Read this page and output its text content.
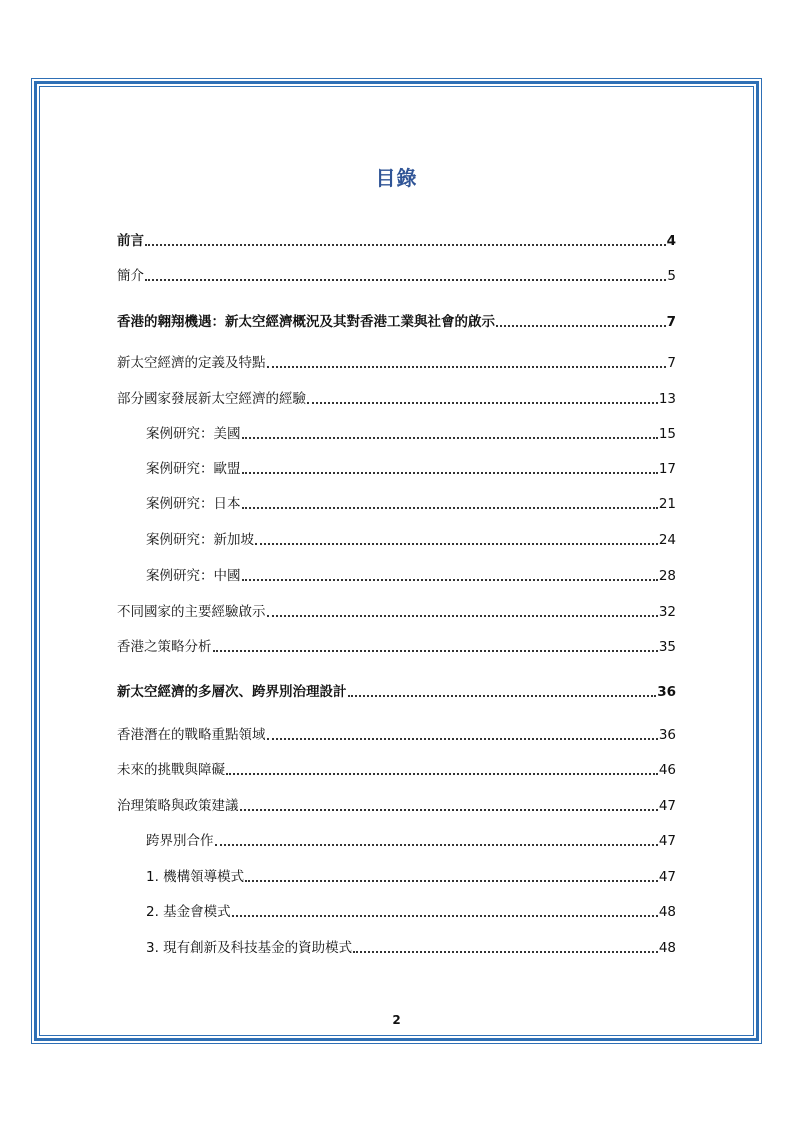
目錄
前言	4
簡介	5
香港的翱翔機遇：新太空經濟概況及其對香港工業與社會的啟示	7
新太空經濟的定義及特點	7
部分國家發展新太空經濟的經驗	13
案例研究：美國	15
案例研究：歐盟	17
案例研究：日本	21
案例研究：新加坡	24
案例研究：中國	28
不同國家的主要經驗啟示	32
香港之策略分析	35
新太空經濟的多層次、跨界別治理設計	36
香港潛在的戰略重點領域	36
未來的挑戰與障礙	46
治理策略與政策建議	47
跨界別合作	47
1. 機構領導模式	47
2. 基金會模式	48
3. 現有創新及科技基金的資助模式	48
2
